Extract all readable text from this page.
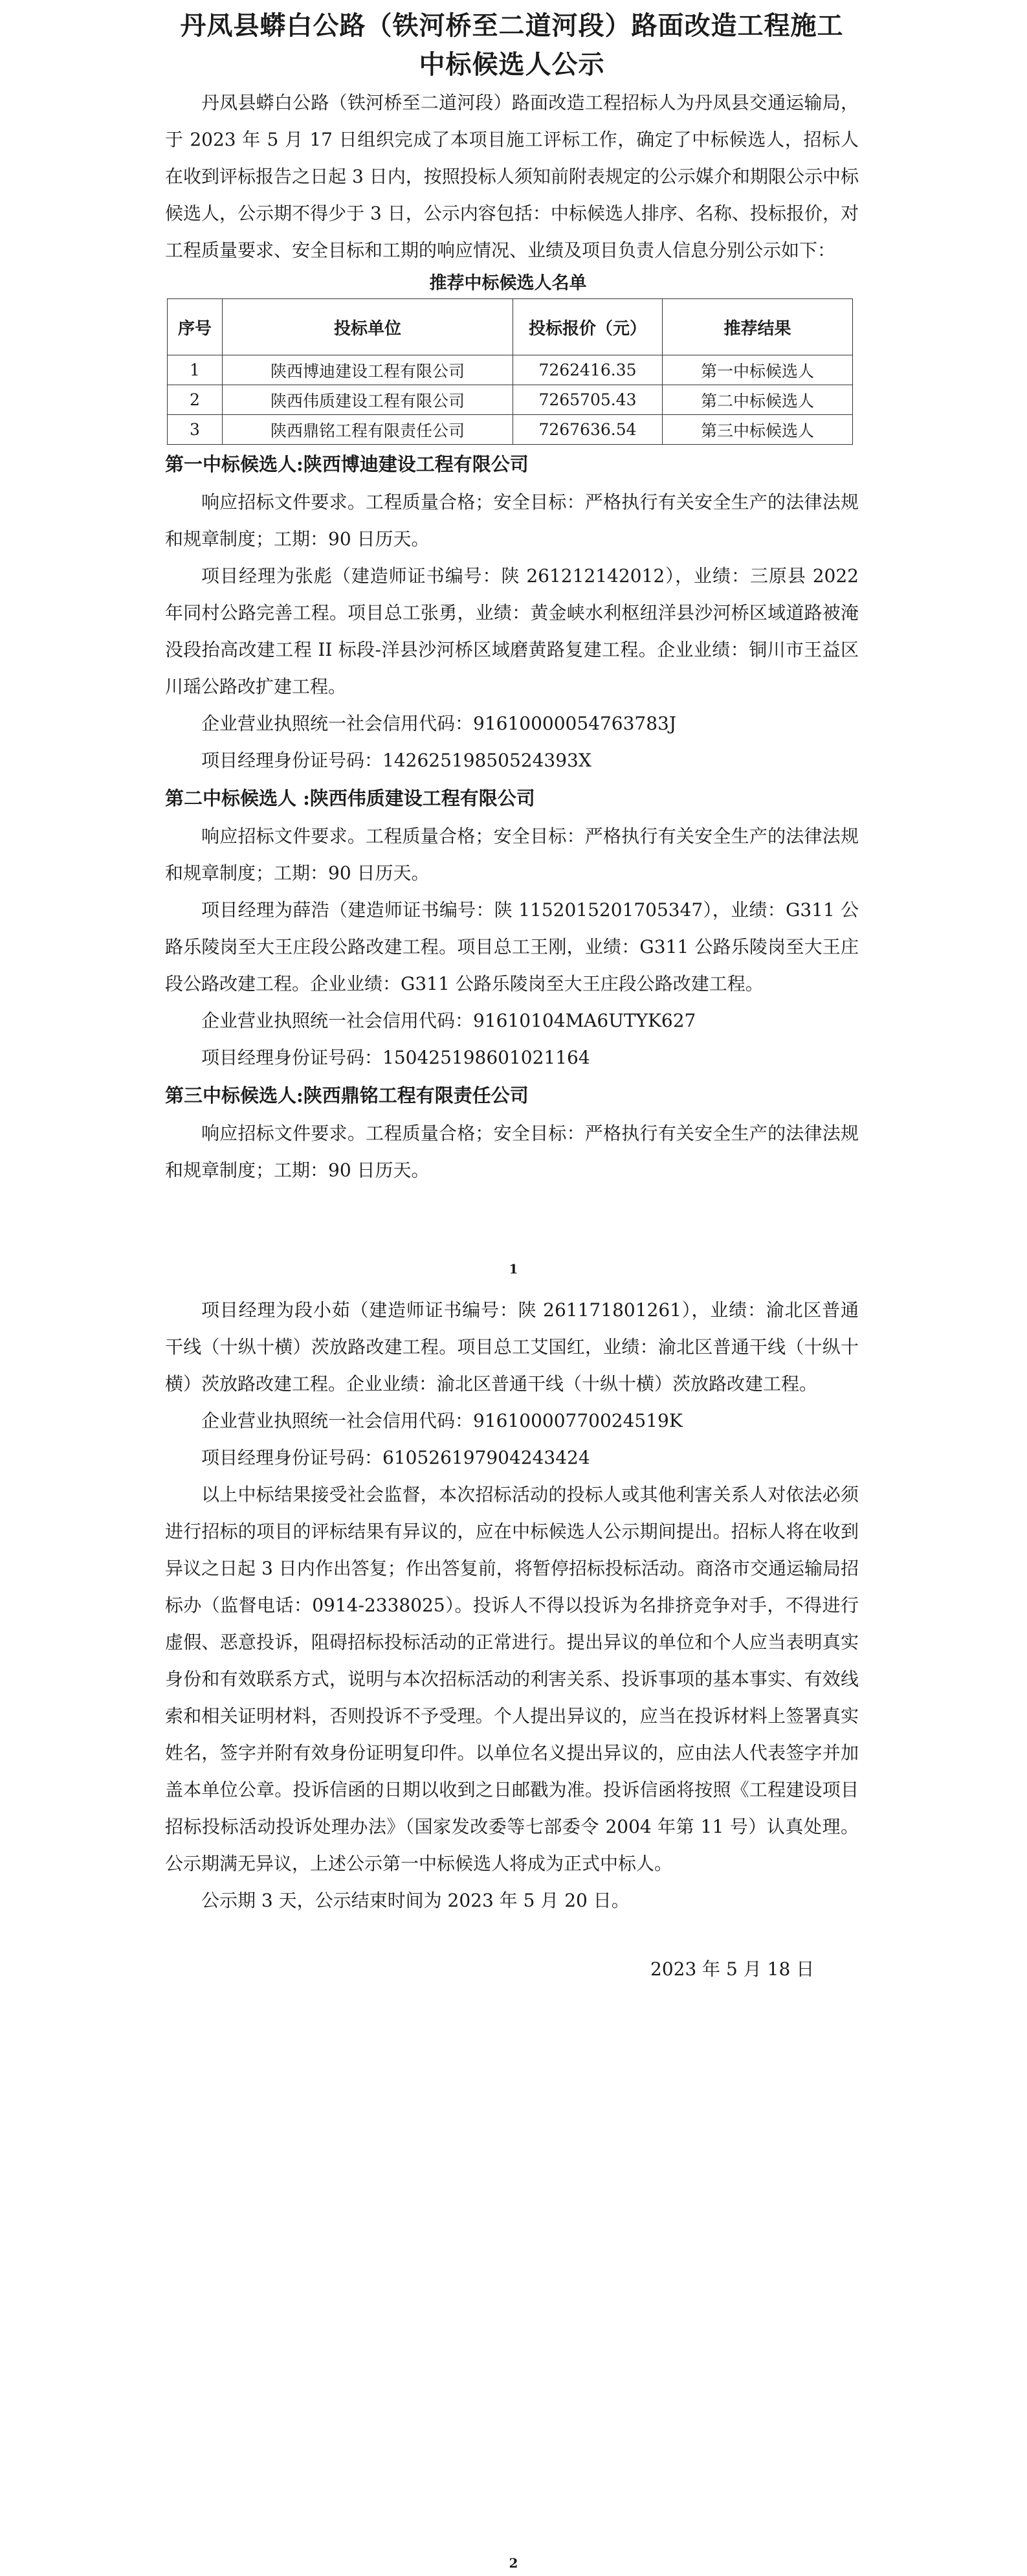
丹凤县蟒白公路（铁河桥至二道河段）路面改造工程施工
中标候选人公示

丹凤县蟒白公路（铁河桥至二道河段）路面改造工程招标人为丹凤县交通运输局，于 2023 年 5 月 17 日组织完成了本项目施工评标工作，确定了中标候选人，招标人在收到评标报告之日起 3 日内，按照投标人须知前附表规定的公示媒介和期限公示中标候选人，公示期不得少于 3 日，公示内容包括：中标候选人排序、名称、投标报价，对工程质量要求、安全目标和工期的响应情况、业绩及项目负责人信息分别公示如下：

推荐中标候选人名单

序号	投标单位	投标报价（元）	推荐结果
1	陕西博迪建设工程有限公司	7262416.35	第一中标候选人
2	陕西伟质建设工程有限公司	7265705.43	第二中标候选人
3	陕西鼎铭工程有限责任公司	7267636.54	第三中标候选人
第一中标候选人:陕西博迪建设工程有限公司

响应招标文件要求。工程质量合格；安全目标：严格执行有关安全生产的法律法规和规章制度；工期：90 日历天。

项目经理为张彪（建造师证书编号：陕 261212142012），业绩：三原县 2022 年同村公路完善工程。项目总工张勇，业绩：黄金峡水利枢纽洋县沙河桥区域道路被淹没段抬高改建工程 II 标段-洋县沙河桥区域磨黄路复建工程。企业业绩：铜川市王益区川瑶公路改扩建工程。

企业营业执照统一社会信用代码：91610000054763783J

项目经理身份证号码：14262519850524393X

第二中标候选人 :陕西伟质建设工程有限公司

响应招标文件要求。工程质量合格；安全目标：严格执行有关安全生产的法律法规和规章制度；工期：90 日历天。

项目经理为薛浩（建造师证书编号：陕 1152015201705347），业绩：G311 公路乐陵岗至大王庄段公路改建工程。项目总工王刚，业绩：G311 公路乐陵岗至大王庄段公路改建工程。企业业绩：G311 公路乐陵岗至大王庄段公路改建工程。

企业营业执照统一社会信用代码：91610104MA6UTYK627

项目经理身份证号码：150425198601021164

第三中标候选人:陕西鼎铭工程有限责任公司

响应招标文件要求。工程质量合格；安全目标：严格执行有关安全生产的法律法规和规章制度；工期：90 日历天。

1

项目经理为段小茹（建造师证书编号：陕 261171801261），业绩：渝北区普通干线（十纵十横）茨放路改建工程。项目总工艾国红，业绩：渝北区普通干线（十纵十横）茨放路改建工程。企业业绩：渝北区普通干线（十纵十横）茨放路改建工程。

企业营业执照统一社会信用代码：91610000770024519K

项目经理身份证号码：610526197904243424

以上中标结果接受社会监督，本次招标活动的投标人或其他利害关系人对依法必须进行招标的项目的评标结果有异议的，应在中标候选人公示期间提出。招标人将在收到异议之日起 3 日内作出答复；作出答复前，将暂停招标投标活动。商洛市交通运输局招标办（监督电话：0914-2338025）。投诉人不得以投诉为名排挤竞争对手，不得进行虚假、恶意投诉，阻碍招标投标活动的正常进行。提出异议的单位和个人应当表明真实身份和有效联系方式，说明与本次招标活动的利害关系、投诉事项的基本事实、有效线索和相关证明材料，否则投诉不予受理。个人提出异议的，应当在投诉材料上签署真实姓名，签字并附有效身份证明复印件。以单位名义提出异议的，应由法人代表签字并加盖本单位公章。投诉信函的日期以收到之日邮戳为准。投诉信函将按照《工程建设项目招标投标活动投诉处理办法》（国家发改委等七部委令 2004 年第 11 号）认真处理。公示期满无异议，上述公示第一中标候选人将成为正式中标人。

公示期 3 天，公示结束时间为 2023 年 5 月 20 日。

2023 年 5 月 18 日
2
